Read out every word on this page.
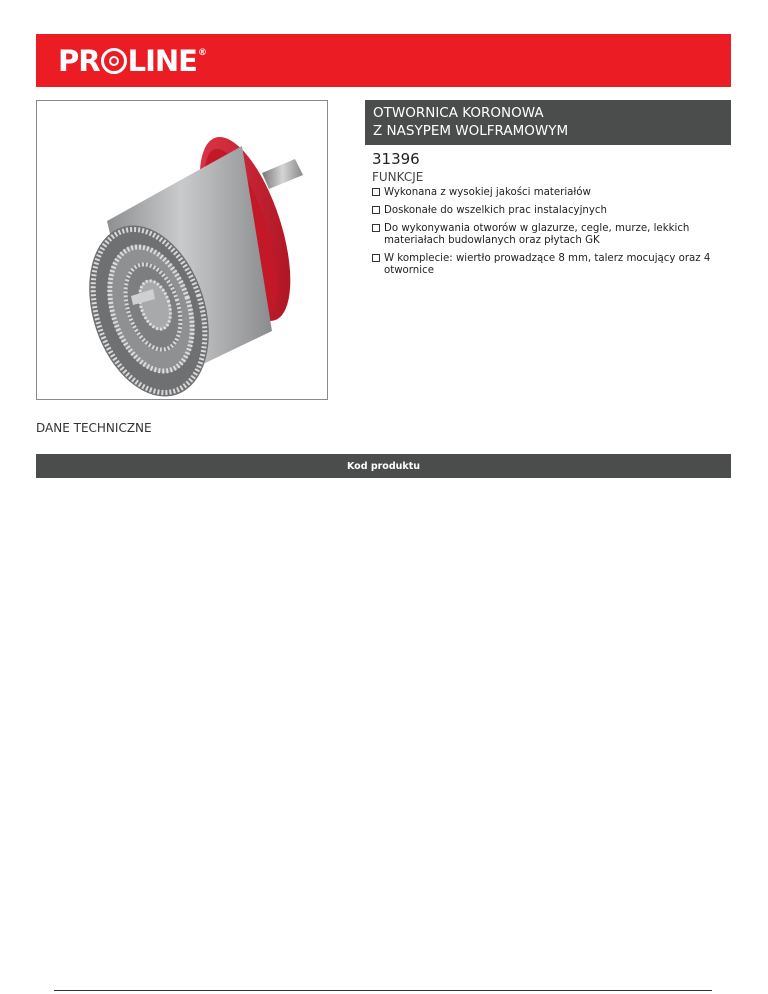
PR LINE ®
OTWORNICA KORONOWA
Z NASYPEM WOLFRAMOWYM
31396
FUNKCJE
Wykonana z wysokiej jakości materiałów
Doskonałe do wszelkich prac instalacyjnych
Do wykonywania otworów w glazurze, cegle, murze, lekkich materiałach budowlanych oraz płytach GK
W komplecie: wiertło prowadzące 8 mm, talerz mocujący oraz 4 otwornice
DANE TECHNICZNE
Kod produktu
